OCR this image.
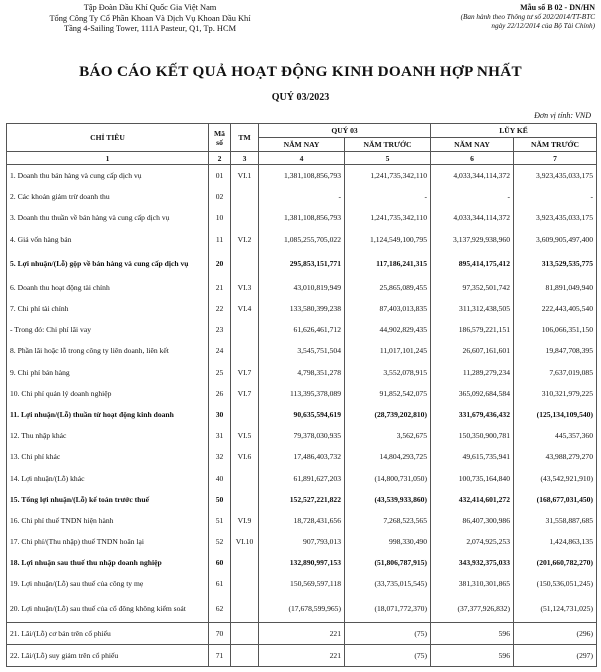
Tập Đoàn Dầu Khí Quốc Gia Việt Nam
Tổng Công Ty Cổ Phần Khoan Và Dịch Vụ Khoan Dầu Khí
Tầng 4-Sailing Tower, 111A Pasteur, Q1, Tp. HCM
Mẫu số B 02 - DN/HN
(Ban hành theo Thông tư số 202/2014/TT-BTC
ngày 22/12/2014 của Bộ Tài Chính)
BÁO CÁO KẾT QUẢ HOẠT ĐỘNG KINH DOANH HỢP NHẤT
QUÝ 03/2023
Đơn vị tính: VND
CHỈ TIÊU	Mã số	TM	QUÝ 03		LŨY KẾ	
			NĂM NAY	NĂM TRƯỚC	NĂM NAY	NĂM TRƯỚC
1	2	3	4	5	6	7
1. Doanh thu bán hàng và cung cấp dịch vụ	01	VI.1	1,381,108,856,793	1,241,735,342,110	4,033,344,114,372	3,923,435,033,175
2. Các khoản giảm trừ doanh thu	02		-	-	-	-
3. Doanh thu thuần về bán hàng và cung cấp dịch vụ	10		1,381,108,856,793	1,241,735,342,110	4,033,344,114,372	3,923,435,033,175
4. Giá vốn hàng bán	11	VI.2	1,085,255,705,022	1,124,549,100,795	3,137,929,938,960	3,609,905,497,400
5. Lợi nhuận/(Lỗ) gộp về bán hàng và cung cấp dịch vụ	20		295,853,151,771	117,186,241,315	895,414,175,412	313,529,535,775
6. Doanh thu hoạt động tài chính	21	VI.3	43,010,819,949	25,865,089,455	97,352,501,742	81,891,049,940
7. Chi phí tài chính	22	VI.4	133,580,399,238	87,403,013,835	311,312,438,505	222,443,405,540
- Trong đó: Chi phí lãi vay	23		61,626,461,712	44,902,829,435	186,579,221,151	106,066,351,150
8. Phần lãi hoặc lỗ trong công ty liên doanh, liên kết	24		3,545,751,504	11,017,101,245	26,607,161,601	19,847,708,395
9. Chi phí bán hàng	25	VI.7	4,798,351,278	3,552,078,915	11,289,279,234	7,637,019,085
10. Chi phí quản lý doanh nghiệp	26	VI.7	113,395,378,089	91,852,542,075	365,092,684,584	310,321,979,225
11. Lợi nhuận/(Lỗ) thuần từ hoạt động kinh doanh	30		90,635,594,619	(28,739,202,810)	331,679,436,432	(125,134,109,540)
12. Thu nhập khác	31	VI.5	79,378,030,935	3,562,675	150,350,900,781	445,357,360
13. Chi phí khác	32	VI.6	17,486,403,732	14,804,293,725	49,615,735,941	43,988,279,270
14. Lợi nhuận/(Lỗ) khác	40		61,891,627,203	(14,800,731,050)	100,735,164,840	(43,542,921,910)
15. Tổng lợi nhuận/(Lỗ) kế toán trước thuế	50		152,527,221,822	(43,539,933,860)	432,414,601,272	(168,677,031,450)
16. Chi phí thuế TNDN hiện hành	51	VI.9	18,728,431,656	7,268,523,565	86,407,300,986	31,558,887,685
17. Chi phí/(Thu nhập) thuế TNDN hoãn lại	52	VI.10	907,793,013	998,330,490	2,074,925,253	1,424,863,135
18. Lợi nhuận sau thuế thu nhập doanh nghiệp	60		132,890,997,153	(51,806,787,915)	343,932,375,033	(201,660,782,270)
19. Lợi nhuận/(Lỗ) sau thuế của công ty mẹ	61		150,569,597,118	(33,735,015,545)	381,310,301,865	(150,536,051,245)
20. Lợi nhuận/(Lỗ) sau thuế của cổ đông không kiểm soát	62		(17,678,599,965)	(18,071,772,370)	(37,377,926,832)	(51,124,731,025)
21. Lãi/(Lỗ) cơ bản trên cổ phiếu	70		221	(75)	596	(296)
22. Lãi/(Lỗ) suy giảm trên cổ phiếu	71		221	(75)	596	(297)
